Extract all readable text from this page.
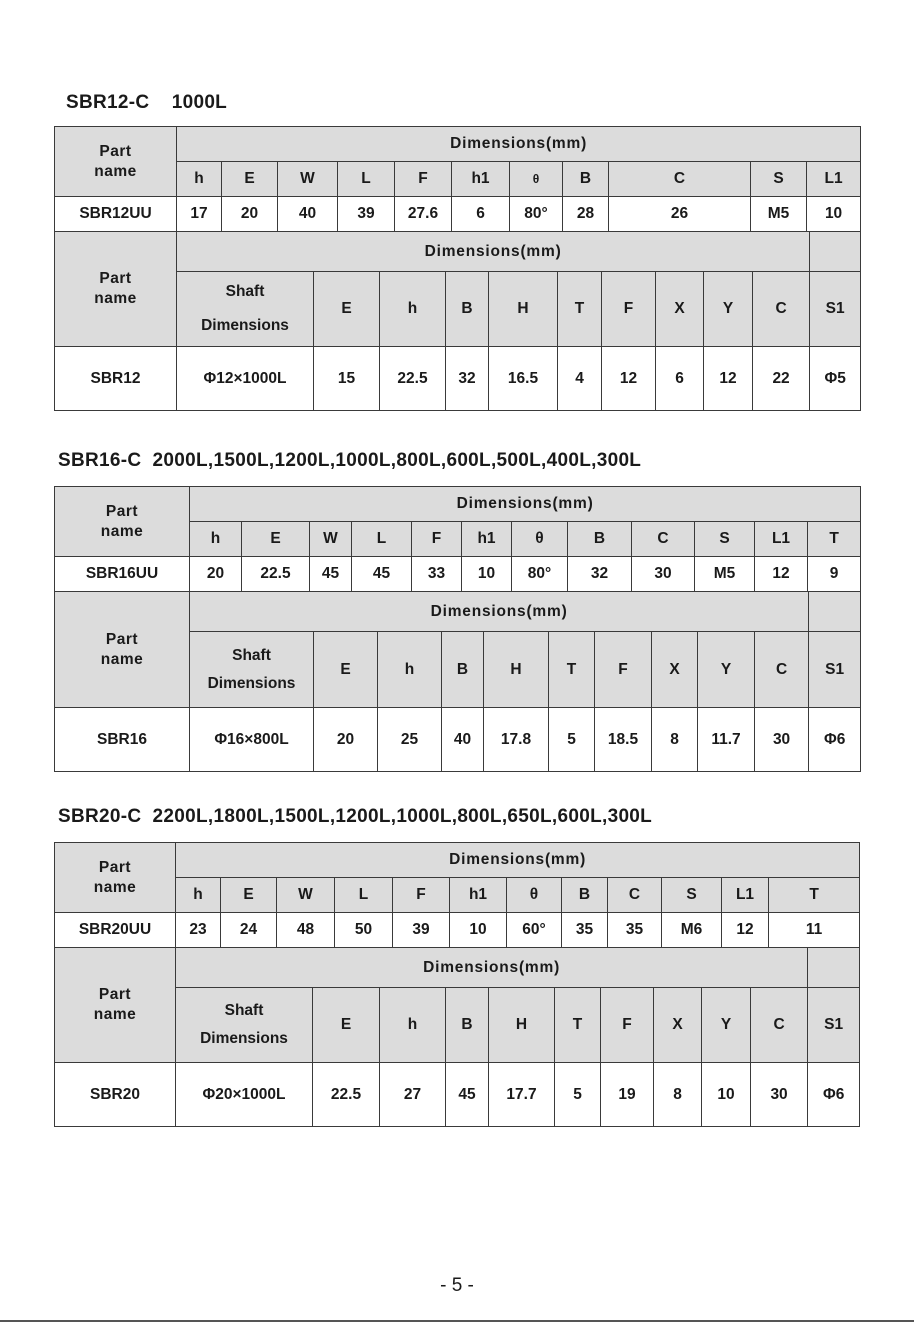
SBR12-C    1000L
Part
name	Dimensions(mm)											
	h	E	W	L	F	h1	θ	B	C	S	L1	
SBR12UU	17	20	40	39	27.6	6	80°	28	26	M5	10	
Part
name	Dimensions(mm)										

	Shaft
Dimensions	E	h	B	H	T	F	X	Y	C	S1
SBR12	Φ12×1000L	15	22.5	32	16.5	4	12	6	12	22	Φ5
SBR16-C  2000L,1500L,1200L,1000L,800L,600L,500L,400L,300L
Part
name	Dimensions(mm)											
	h	E	W	L	F	h1	θ	B	C	S	L1	T
SBR16UU	20	22.5	45	45	33	10	80°	32	30	M5	12	9
Part
name	Dimensions(mm)										

	Shaft
Dimensions	E	h	B	H	T	F	X	Y	C	S1
SBR16	Φ16×800L	20	25	40	17.8	5	18.5	8	11.7	30	Φ6
SBR20-C  2200L,1800L,1500L,1200L,1000L,800L,650L,600L,300L
Part
name	Dimensions(mm)											
	h	E	W	L	F	h1	θ	B	C	S	L1	T
SBR20UU	23	24	48	50	39	10	60°	35	35	M6	12	11
Part
name	Dimensions(mm)										

	Shaft
Dimensions	E	h	B	H	T	F	X	Y	C	S1
SBR20	Φ20×1000L	22.5	27	45	17.7	5	19	8	10	30	Φ6
- 5 -
